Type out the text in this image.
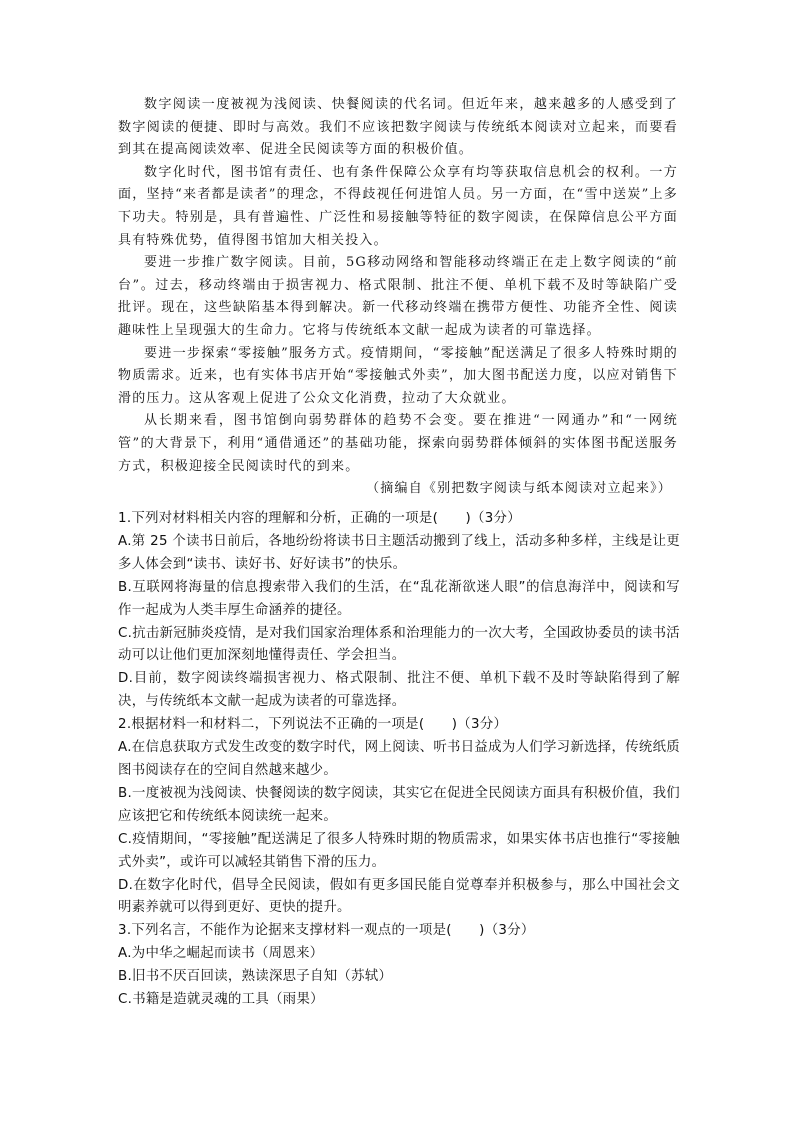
数字阅读一度被视为浅阅读、快餐阅读的代名词。但近年来，越来越多的人感受到了数字阅读的便捷、即时与高效。我们不应该把数字阅读与传统纸本阅读对立起来，而要看到其在提高阅读效率、促进全民阅读等方面的积极价值。

数字化时代，图书馆有责任、也有条件保障公众享有均等获取信息机会的权利。一方面，坚持“来者都是读者”的理念，不得歧视任何进馆人员。另一方面，在“雪中送炭”上多下功夫。特别是，具有普遍性、广泛性和易接触等特征的数字阅读，在保障信息公平方面具有特殊优势，值得图书馆加大相关投入。

要进一步推广数字阅读。目前，5G移动网络和智能移动终端正在走上数字阅读的“前台”。过去，移动终端由于损害视力、格式限制、批注不便、单机下载不及时等缺陷广受批评。现在，这些缺陷基本得到解决。新一代移动终端在携带方便性、功能齐全性、阅读趣味性上呈现强大的生命力。它将与传统纸本文献一起成为读者的可靠选择。

要进一步探索“零接触”服务方式。疫情期间，“零接触”配送满足了很多人特殊时期的物质需求。近来，也有实体书店开始“零接触式外卖”，加大图书配送力度，以应对销售下滑的压力。这从客观上促进了公众文化消费，拉动了大众就业。

从长期来看，图书馆倒向弱势群体的趋势不会变。要在推进“一网通办”和“一网统管”的大背景下，利用“通借通还”的基础功能，探索向弱势群体倾斜的实体图书配送服务方式，积极迎接全民阅读时代的到来。

（摘编自《别把数字阅读与纸本阅读对立起来》）
1.下列对材料相关内容的理解和分析，正确的一项是(　　)（3分）
A.第 25 个读书日前后，各地纷纷将读书日主题活动搬到了线上，活动多种多样，主线是让更多人体会到“读书、读好书、好好读书”的快乐。
B.互联网将海量的信息搜索带入我们的生活，在“乱花渐欲迷人眼”的信息海洋中，阅读和写作一起成为人类丰厚生命涵养的捷径。
C.抗击新冠肺炎疫情，是对我们国家治理体系和治理能力的一次大考，全国政协委员的读书活动可以让他们更加深刻地懂得责任、学会担当。
D.目前，数字阅读终端损害视力、格式限制、批注不便、单机下载不及时等缺陷得到了解决，与传统纸本文献一起成为读者的可靠选择。
2.根据材料一和材料二，下列说法不正确的一项是(　　)（3分）
A.在信息获取方式发生改变的数字时代，网上阅读、听书日益成为人们学习新选择，传统纸质图书阅读存在的空间自然越来越少。
B.一度被视为浅阅读、快餐阅读的数字阅读，其实它在促进全民阅读方面具有积极价值，我们应该把它和传统纸本阅读统一起来。
C.疫情期间，“零接触”配送满足了很多人特殊时期的物质需求，如果实体书店也推行“零接触式外卖”，或许可以减轻其销售下滑的压力。
D.在数字化时代，倡导全民阅读，假如有更多国民能自觉尊奉并积极参与，那么中国社会文明素养就可以得到更好、更快的提升。
3.下列名言，不能作为论据来支撑材料一观点的一项是(　　)（3分）
A.为中华之崛起而读书（周恩来）
B.旧书不厌百回读，熟读深思子自知（苏轼）
C.书籍是造就灵魂的工具（雨果）
